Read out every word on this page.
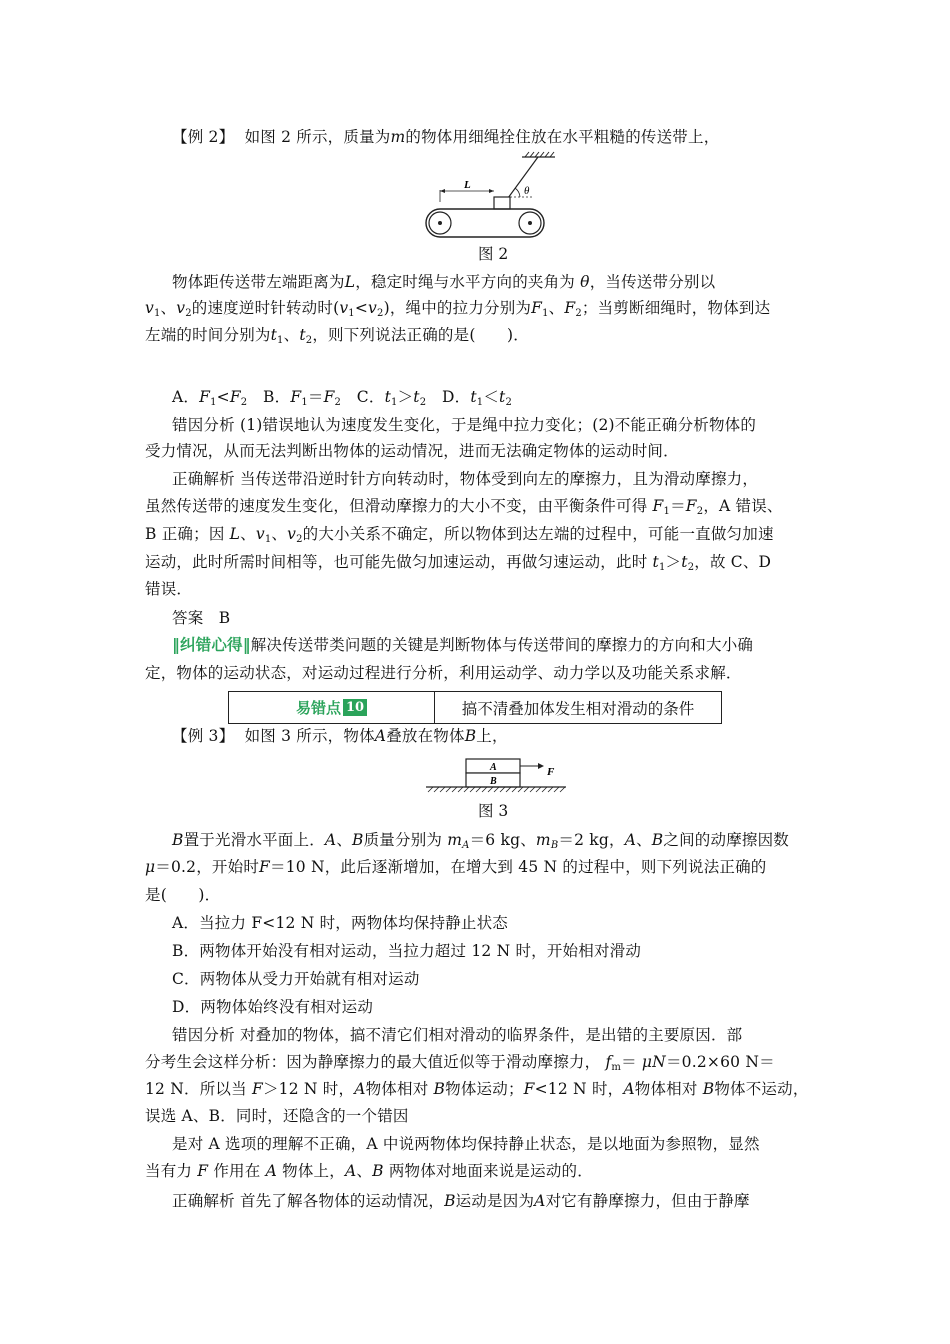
【例 2】 如图 2 所示，质量为m的物体用细绳拴住放在水平粗糙的传送带上，
θ
L
图 2
物体距传送带左端距离为L，稳定时绳与水平方向的夹角为 θ，当传送带分别以
$v_1$、$v_2$的速度逆时针转动时$(v_1<v_2)$，绳中的拉力分别为$F_1$、$F_2$；当剪断细绳时，物体到达
左端的时间分别为$t_1$、$t_2$，则下列说法正确的是(　　)．
A．$F_1<F_2$　B．$F_1=F_2$　C．$t_1>t_2$　D．$t_1<t_2$
错因分析 (1)错误地认为速度发生变化，于是绳中拉力变化；(2)不能正确分析物体的
受力情况，从而无法判断出物体的运动情况，进而无法确定物体的运动时间．
正确解析 当传送带沿逆时针方向转动时，物体受到向左的摩擦力，且为滑动摩擦力，
虽然传送带的速度发生变化，但滑动摩擦力的大小不变，由平衡条件可得 $F_1=F_2$，A 错误、
B 正确；因 L、$v_1$、$v_2$的大小关系不确定，所以物体到达左端的过程中，可能一直做匀加速
运动，此时所需时间相等，也可能先做匀加速运动，再做匀速运动，此时 $t_1>t_2$，故 C、D
错误．
答案 B
‖纠错心得‖解决传送带类问题的关键是判断物体与传送带间的摩擦力的方向和大小确
定，物体的运动状态，对运动过程进行分析，利用运动学、动力学以及功能关系求解．
易错点 10	搞不清叠加体发生相对滑动的条件
【例 3】 如图 3 所示，物体A叠放在物体B上，
A
B
F
图 3
B置于光滑水平面上．A、B质量分别为 $m_A=6$ kg、$m_B=2$ kg，A、B之间的动摩擦因数
μ＝0.2，开始时F＝10 N，此后逐渐增加，在增大到 45 N 的过程中，则下列说法正确的
是(　　)．
A．当拉力 F<12 N 时，两物体均保持静止状态
B．两物体开始没有相对运动，当拉力超过 12 N 时，开始相对滑动
C．两物体从受力开始就有相对运动
D．两物体始终没有相对运动
错因分析 对叠加的物体，搞不清它们相对滑动的临界条件，是出错的主要原因．部
分考生会这样分析：因为静摩擦力的最大值近似等于滑动摩擦力， $f_m= \mu N=0.2\times 60$ N＝
12 N．所以当 F＞12 N 时，A物体相对 B物体运动；F<12 N 时，A物体相对 B物体不运动，
误选 A、B．同时，还隐含的一个错因
是对 A 选项的理解不正确，A 中说两物体均保持静止状态，是以地面为参照物，显然
当有力 F 作用在 A 物体上，A、B 两物体对地面来说是运动的．
正确解析 首先了解各物体的运动情况，B运动是因为A对它有静摩擦力，但由于静摩
